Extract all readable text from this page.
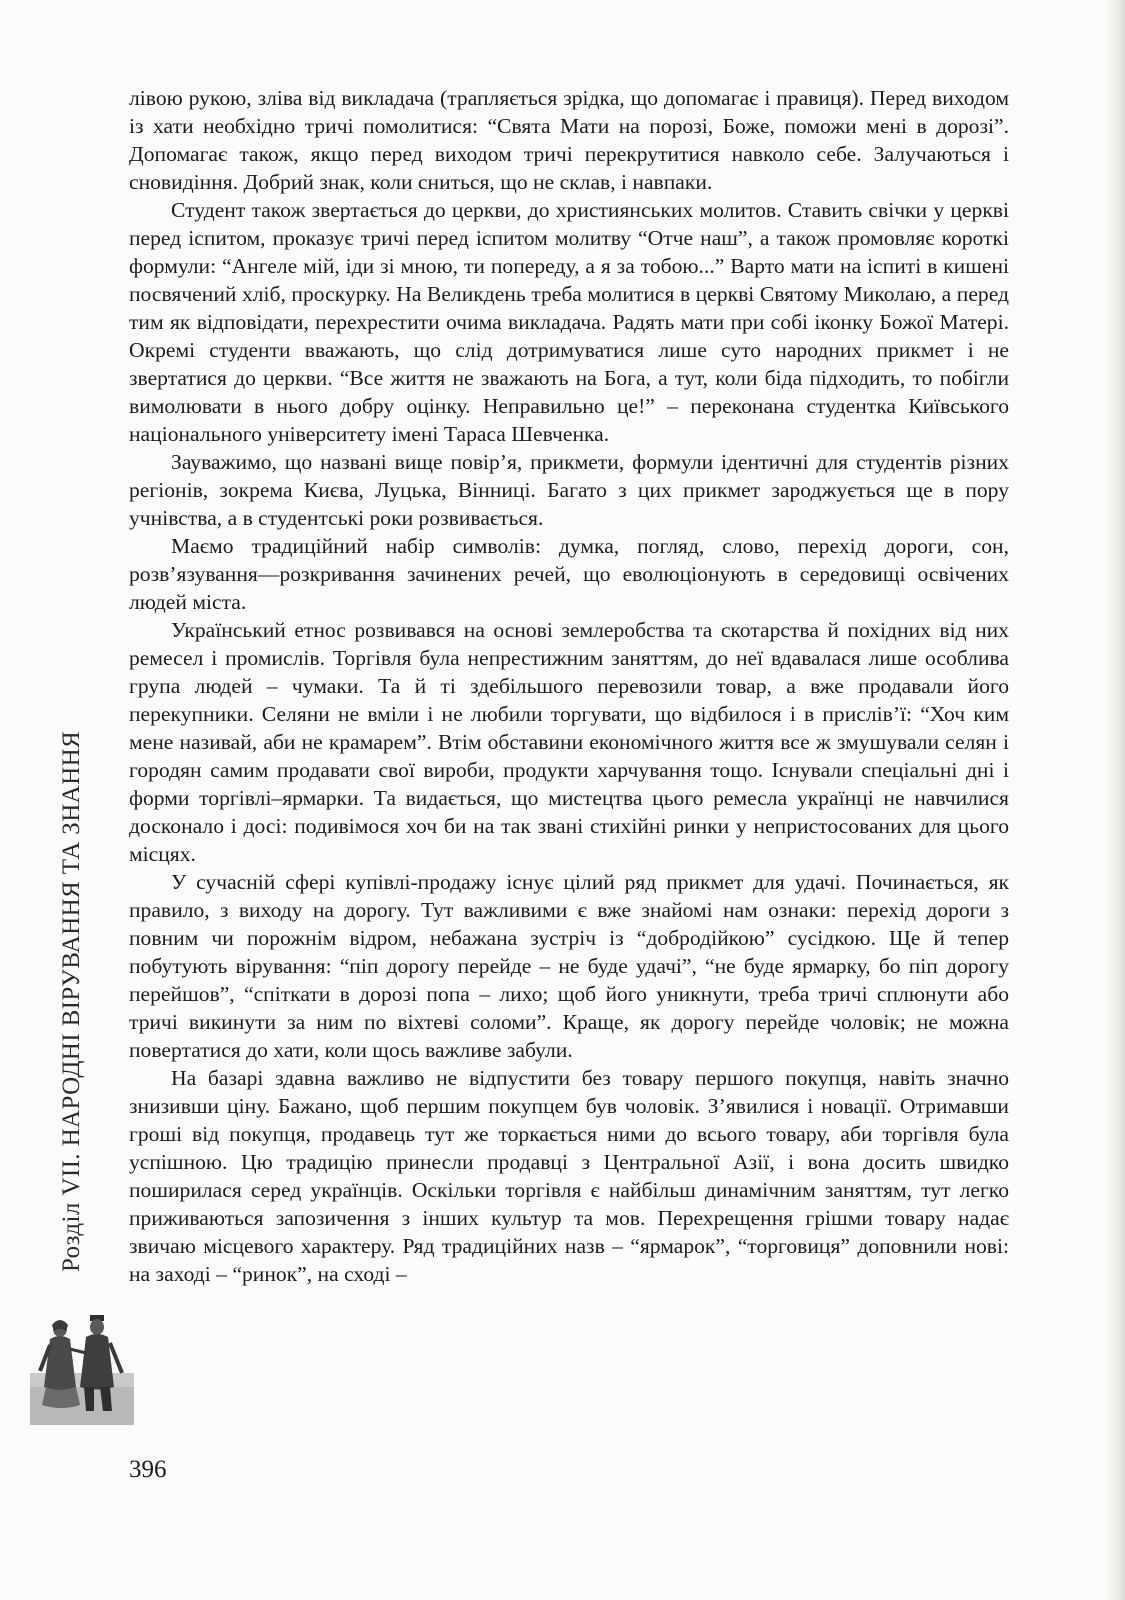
лівою рукою, зліва від викладача (трапляється зрідка, що допомагає і правиця). Перед виходом із хати необхідно тричі помолитися: “Свята Мати на порозі, Боже, поможи мені в дорозі”. Допомагає також, якщо перед виходом тричі перекрутитися навколо себе. Залучаються і сновидіння. Добрий знак, коли сниться, що не склав, і навпаки.

Студент також звертається до церкви, до християнських молитов. Ставить свічки у церкві перед іспитом, проказує тричі перед іспитом молитву “Отче наш”, а також промовляє короткі формули: “Ангеле мій, іди зі мною, ти попереду, а я за тобою...” Варто мати на іспиті в кишені посвячений хліб, проскурку. На Великдень треба молитися в церкві Святому Миколаю, а перед тим як відповідати, перехрестити очима викладача. Радять мати при собі іконку Божої Матері. Окремі студенти вважають, що слід дотримуватися лише суто народних прикмет і не звертатися до церкви. “Все життя не зважають на Бога, а тут, коли біда підходить, то побігли вимолювати в нього добру оцінку. Неправильно це!” – переконана студентка Київського національного університету імені Тараса Шевченка.

Зауважимо, що названі вище повір’я, прикмети, формули ідентичні для студентів різних регіонів, зокрема Києва, Луцька, Вінниці. Багато з цих прикмет зароджується ще в пору учнівства, а в студентські роки розвивається.

Маємо традиційний набір символів: думка, погляд, слово, перехід дороги, сон, розв’язування—розкривання зачинених речей, що еволюціонують в середовищі освічених людей міста.

Український етнос розвивався на основі землеробства та скотарства й похідних від них ремесел і промислів. Торгівля була непрестижним заняттям, до неї вдавалася лише особлива група людей – чумаки. Та й ті здебільшого перевозили товар, а вже продавали його перекупники. Селяни не вміли і не любили торгувати, що відбилося і в прислів’ї: “Хоч ким мене називай, аби не крамарем”. Втім обставини економічного життя все ж змушували селян і городян самим продавати свої вироби, продукти харчування тощо. Існували спеціальні дні і форми торгівлі–ярмарки. Та видається, що мистецтва цього ремесла українці не навчилися досконало і досі: подивімося хоч би на так звані стихійні ринки у непристосованих для цього місцях.

У сучасній сфері купівлі-продажу існує цілий ряд прикмет для удачі. Починається, як правило, з виходу на дорогу. Тут важливими є вже знайомі нам ознаки: перехід дороги з повним чи порожнім відром, небажана зустріч із “добродійкою” сусідкою. Ще й тепер побутують вірування: “піп дорогу перейде – не буде удачі”, “не буде ярмарку, бо піп дорогу перейшов”, “спіткати в дорозі попа – лихо; щоб його уникнути, треба тричі сплюнути або тричі викинути за ним по віхтеві соломи”. Краще, як дорогу перейде чоловік; не можна повертатися до хати, коли щось важливе забули.

На базарі здавна важливо не відпустити без товару першого покупця, навіть значно знизивши ціну. Бажано, щоб першим покупцем був чоловік. З’явилися і новації. Отримавши гроші від покупця, продавець тут же торкається ними до всього товару, аби торгівля була успішною. Цю традицію принесли продавці з Центральної Азії, і вона досить швидко поширилася серед українців. Оскільки торгівля є найбільш динамічним заняттям, тут легко приживаються запозичення з інших культур та мов. Перехрещення грішми товару надає звичаю місцевого характеру. Ряд традиційних назв – “ярмарок”, “торговиця” доповнили нові: на заході – “ринок”, на сході –

Розділ VII. НАРОДНІ ВІРУВАННЯ ТА ЗНАННЯ
396
